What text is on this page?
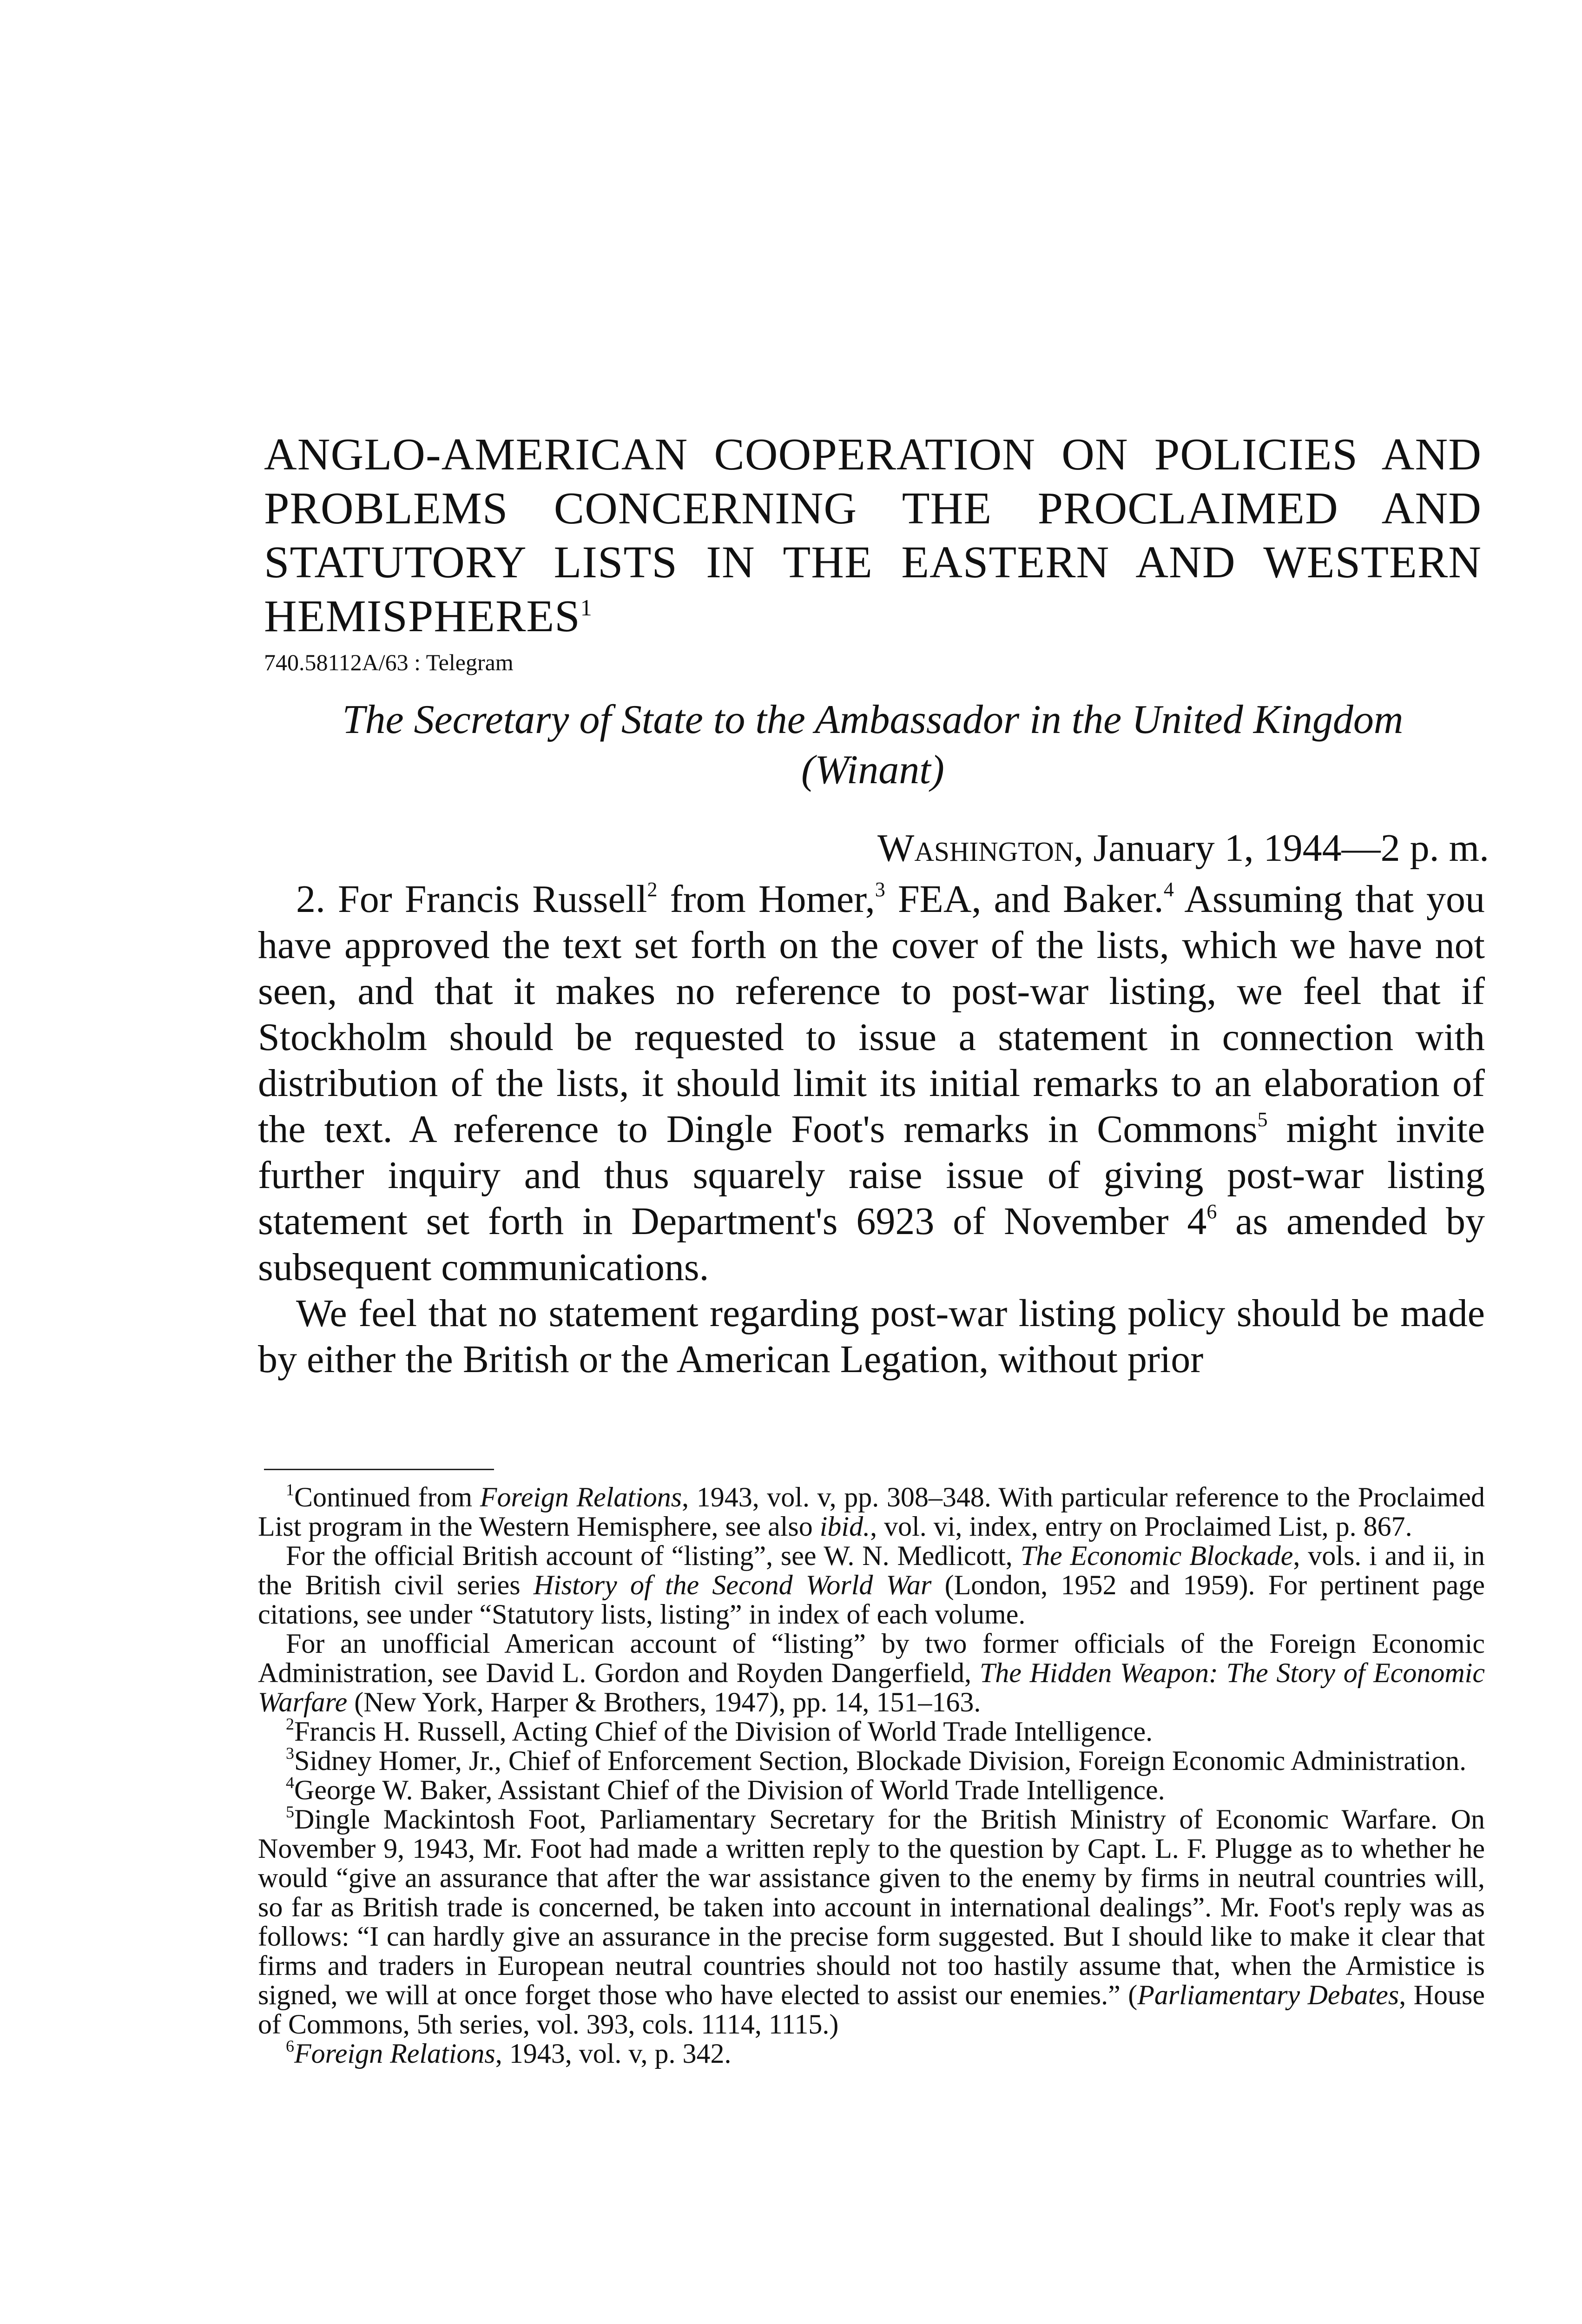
ANGLO-AMERICAN COOPERATION ON POLICIES AND PROBLEMS CONCERNING THE PROCLAIMED AND STATUTORY LISTS IN THE EASTERN AND WESTERN HEMISPHERES$^1$

740.58112A/63 : Telegram

The Secretary of State to the Ambassador in the United Kingdom
(Winant)

Washington, January 1, 1944—2 p. m.

2. For Francis Russell$^2$ from Homer,$^3$ FEA, and Baker.$^4$ Assuming that you have approved the text set forth on the cover of the lists, which we have not seen, and that it makes no reference to post-war listing, we feel that if Stockholm should be requested to issue a statement in connection with distribution of the lists, it should limit its initial remarks to an elaboration of the text. A reference to Dingle Foot's remarks in Commons$^5$ might invite further inquiry and thus squarely raise issue of giving post-war listing statement set forth in Department's 6923 of November $4^6$ as amended by subsequent communications.

We feel that no statement regarding post-war listing policy should be made by either the British or the American Legation, without prior

$^1$Continued from Foreign Relations, 1943, vol. v, pp. 308–348. With particular reference to the Proclaimed List program in the Western Hemisphere, see also ibid., vol. vi, index, entry on Proclaimed List, p. 867.

For the official British account of “listing”, see W. N. Medlicott, The Economic Blockade, vols. i and ii, in the British civil series History of the Second World War (London, 1952 and 1959). For pertinent page citations, see under “Statutory lists, listing” in index of each volume.

For an unofficial American account of “listing” by two former officials of the Foreign Economic Administration, see David L. Gordon and Royden Dangerfield, The Hidden Weapon: The Story of Economic Warfare (New York, Harper & Brothers, 1947), pp. 14, 151–163.

$^2$Francis H. Russell, Acting Chief of the Division of World Trade Intelligence.

$^3$Sidney Homer, Jr., Chief of Enforcement Section, Blockade Division, Foreign Economic Administration.

$^4$George W. Baker, Assistant Chief of the Division of World Trade Intelligence.

$^5$Dingle Mackintosh Foot, Parliamentary Secretary for the British Ministry of Economic Warfare. On November 9, 1943, Mr. Foot had made a written reply to the question by Capt. L. F. Plugge as to whether he would “give an assurance that after the war assistance given to the enemy by firms in neutral countries will, so far as British trade is concerned, be taken into account in international dealings”. Mr. Foot's reply was as follows: “I can hardly give an assurance in the precise form suggested. But I should like to make it clear that firms and traders in European neutral countries should not too hastily assume that, when the Armistice is signed, we will at once forget those who have elected to assist our enemies.” (Parliamentary Debates, House of Commons, 5th series, vol. 393, cols. 1114, 1115.)

$^6$Foreign Relations, 1943, vol. v, p. 342.
